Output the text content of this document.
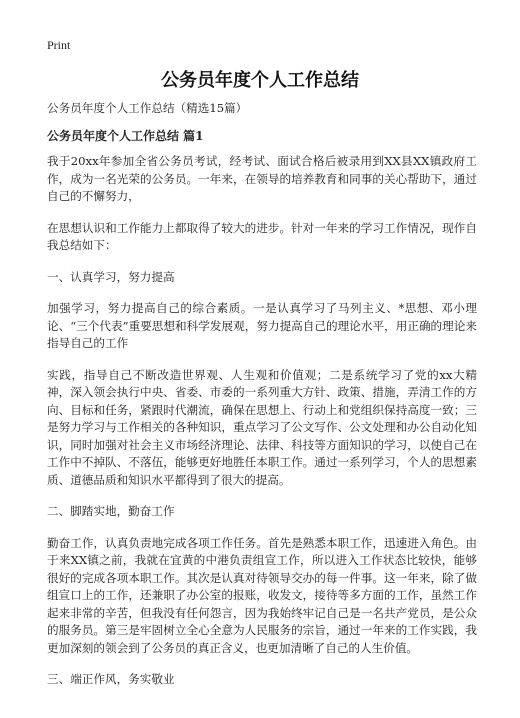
Print
公务员年度个人工作总结

公务员年度个人工作总结（精选15篇）

公务员年度个人工作总结 篇1

我于20xx年参加全省公务员考试，经考试、面试合格后被录用到XX县XX镇政府工作，成为一名光荣的公务员。一年来，在领导的培养教育和同事的关心帮助下，通过自己的不懈努力，

在思想认识和工作能力上都取得了较大的进步。针对一年来的学习工作情况，现作自我总结如下：

一、认真学习，努力提高

加强学习，努力提高自己的综合素质。一是认真学习了马列主义、*思想、邓小理论、“三个代表”重要思想和科学发展观，努力提高自己的理论水平，用正确的理论来指导自己的工作

实践，指导自己不断改造世界观、人生观和价值观；二是系统学习了党的xx大精神，深入领会执行中央、省委、市委的一系列重大方针、政策、措施，弄清工作的方向、目标和任务，紧跟时代潮流，确保在思想上、行动上和党组织保持高度一致；三是努力学习与工作相关的各种知识，重点学习了公文写作、公文处理和办公自动化知识，同时加强对社会主义市场经济理论、法律、科技等方面知识的学习，以使自己在工作中不掉队、不落伍，能够更好地胜任本职工作。通过一系列学习，个人的思想素质、道德品质和知识水平都得到了很大的提高。

二、脚踏实地，勤奋工作

勤奋工作，认真负责地完成各项工作任务。首先是熟悉本职工作，迅速进入角色。由于来XX镇之前，我就在宜黄的中港负责组宣工作，所以进入工作状态比较快，能够很好的完成各项本职工作。其次是认真对待领导交办的每一件事。这一年来，除了做组宣口上的工作，还兼职了办公室的报账，收发文，接待等多方面的工作，虽然工作起来非常的辛苦，但我没有任何怨言，因为我始终牢记自己是一名共产党员，是公众的服务员。第三是牢固树立全心全意为人民服务的宗旨，通过一年来的工作实践，我更加深刻的领会到了公务员的真正含义，也更加清晰了自己的人生价值。

三、端正作风，务实敬业
